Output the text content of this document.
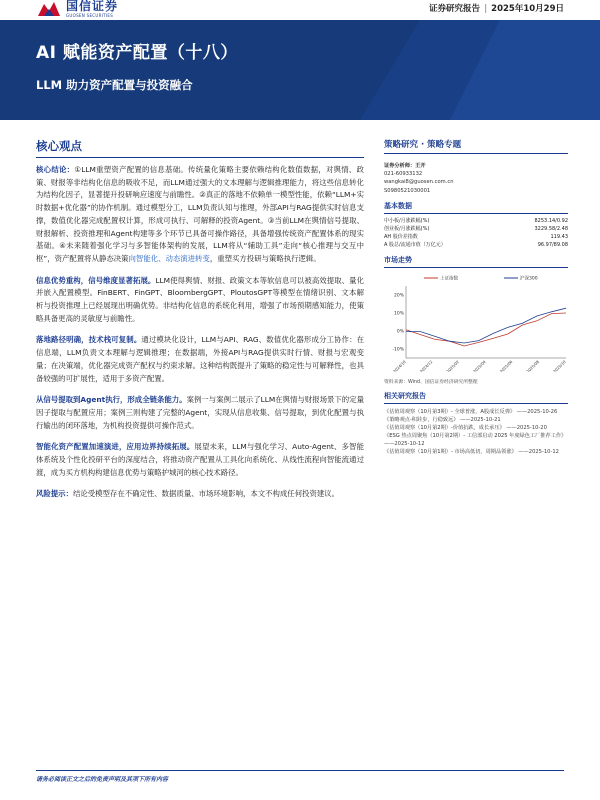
国信证券
GUOSEN SECURITIES
证券研究报告 | 2025年10月29日
AI 赋能资产配置（十八）
LLM 助力资产配置与投资融合
核心观点

核心结论：①LLM重塑资产配置的信息基础。传统量化策略主要依赖结构化数值数据，对舆情、政策、财报等非结构化信息的吸收不足，而LLM通过强大的文本理解与逻辑推理能力，将这些信息转化为结构化因子，显著提升投研响应速度与前瞻性。②真正的落地不依赖单一模型性能，依赖“LLM+实时数据+优化器”的协作机制。通过模型分工，LLM负责认知与推理，外部API与RAG提供实时信息支撑，数值优化器完成配置权计算，形成可执行、可解释的投资Agent。③当前LLM在舆情信号提取、财报解析、投资推理和Agent构建等多个环节已具备可操作路径，具备增强传统资产配置体系的现实基础。④未来随着强化学习与多智能体架构的发展，LLM将从“辅助工具”走向“核心推理与交互中枢”，资产配置将从静态决策向智能化、动态演进转变，重塑买方投研与策略执行逻辑。

信息优势重构，信号维度显著拓展。LLM使得舆情、财报、政策文本等软信息可以被高效提取、量化并嵌入配置模型。FinBERT、FinGPT、BloombergGPT、PloutosGPT等模型在情绪识别、文本解析与投资推理上已经展现出明确优势。非结构化信息的系统化利用，增强了市场预期感知能力，使策略具备更高的灵敏度与前瞻性。

落地路径明确，技术栈可复制。通过模块化设计，LLM与API、RAG、数值优化器形成分工协作：在信息端，LLM负责文本理解与逻辑推理；在数据端，外接API与RAG提供实时行情、财报与宏观变量；在决策端，优化器完成资产配权与约束求解。这种结构既提升了策略的稳定性与可解释性，也具备较强的可扩展性，适用于多资产配置。

从信号提取到Agent执行，形成全链条能力。案例一与案例二展示了LLM在舆情与财报场景下的定量因子提取与配置应用；案例三则构建了完整的Agent，实现从信息收集、信号提取，到优化配置与执行输出的闭环落地，为机构投资提供可操作范式。

智能化资产配置加速演进，应用边界持续拓展。展望未来，LLM与强化学习、Auto-Agent、多智能体系统及个性化投研平台的深度结合，将推动资产配置从工具化向系统化、从线性流程向智能流通过渡，成为买方机构构建信息优势与策略护城河的核心技术路径。

风险提示：结论受模型存在不确定性、数据质量、市场环境影响，本文不构成任何投资建议。

策略研究 · 策略专题
证券分析师：王开
021-60933132
wangkai8@guosen.com.cn
S0980521030001
基本数据
中小板/月涨跌幅(%)	8253.14/0.92
创业板/月涨跌幅(%)	3229.58/2.48
AH 股价差指数	119.43
A 股总/流通市值（万亿元）	96.97/89.08
市场走势
20%
10%
0%
-10%
2024/10	2024/12	2025/02	2025/04	2025/06	2025/08	2025/10
上证指数	沪深300
资料来源：Wind、国信证券经济研究所整理
相关研究报告
《估值周观察（10月第3期）- 全球普涨，A股成长反弹》 ——2025-10-26
《策略观点-积跬步，行稳致远》 ——2025-10-21
《估值周观察（10月第2期）-价值抗跌，成长承压》 ——2025-10-20
《ESG 热点周聚焦（10月第2期）- 工信部启动 2025 年度绿色工厂推荐工作》 ——2025-10-12
《估值周观察（10月第1期）- 市场高低切，周期品领涨》 ——2025-10-12
请务必阅读正文之后的免责声明及其项下所有内容
